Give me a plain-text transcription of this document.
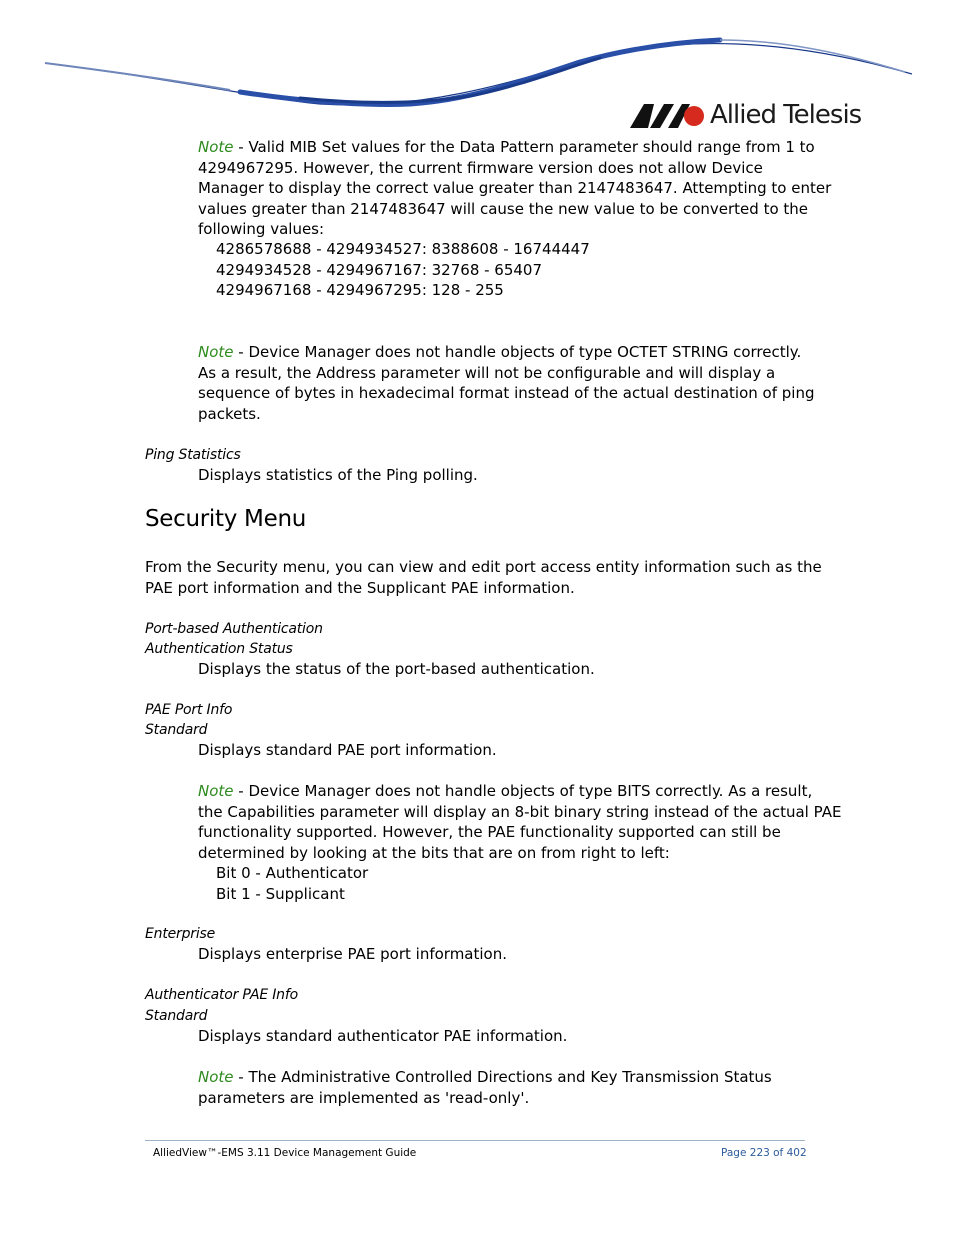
Allied Telesis
Note - Valid MIB Set values for the Data Pattern parameter should range from 1 to
4294967295. However, the current firmware version does not allow Device
Manager to display the correct value greater than 2147483647. Attempting to enter
values greater than 2147483647 will cause the new value to be converted to the
following values:
4286578688 - 4294934527: 8388608 - 16744447
4294934528 - 4294967167: 32768 - 65407
4294967168 - 4294967295: 128 - 255
Note - Device Manager does not handle objects of type OCTET STRING correctly.
As a result, the Address parameter will not be configurable and will display a
sequence of bytes in hexadecimal format instead of the actual destination of ping
packets.
Ping Statistics
Displays statistics of the Ping polling.
Security Menu
From the Security menu, you can view and edit port access entity information such as the
PAE port information and the Supplicant PAE information.
Port-based Authentication
Authentication Status
Displays the status of the port-based authentication.
PAE Port Info
Standard
Displays standard PAE port information.
Note - Device Manager does not handle objects of type BITS correctly. As a result,
the Capabilities parameter will display an 8-bit binary string instead of the actual PAE
functionality supported. However, the PAE functionality supported can still be
determined by looking at the bits that are on from right to left:
Bit 0 - Authenticator
Bit 1 - Supplicant
Enterprise
Displays enterprise PAE port information.
Authenticator PAE Info
Standard
Displays standard authenticator PAE information.
Note - The Administrative Controlled Directions and Key Transmission Status
parameters are implemented as 'read-only'.
AlliedView™-EMS 3.11 Device Management Guide	Page 223 of 402
